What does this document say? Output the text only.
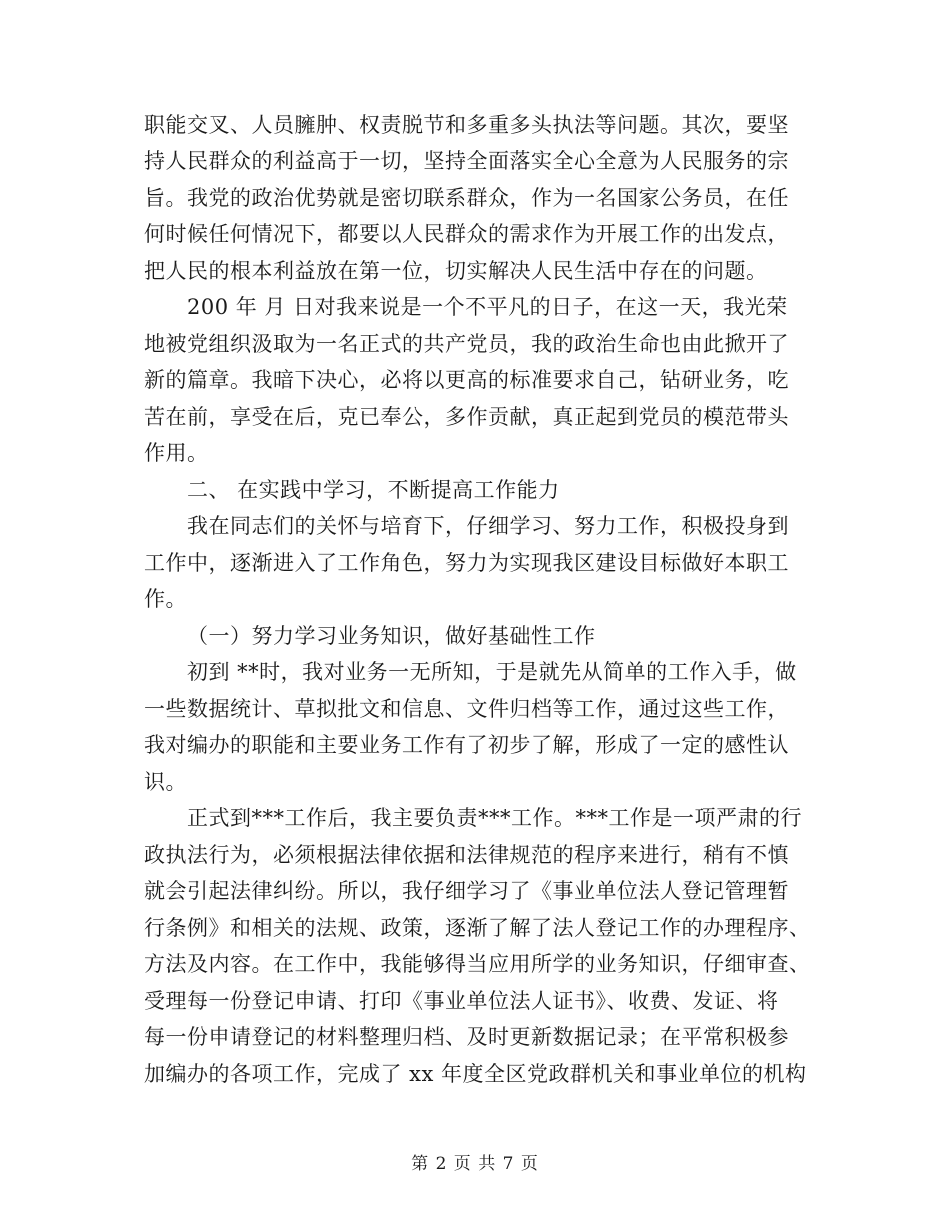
职能交叉、人员臃肿、权责脱节和多重多头执法等问题。其次，要坚
持人民群众的利益高于一切，坚持全面落实全心全意为人民服务的宗
旨。我党的政治优势就是密切联系群众，作为一名国家公务员，在任
何时候任何情况下，都要以人民群众的需求作为开展工作的出发点，
把人民的根本利益放在第一位，切实解决人民生活中存在的问题。
200 年 月 日对我来说是一个不平凡的日子，在这一天，我光荣
地被党组织汲取为一名正式的共产党员，我的政治生命也由此掀开了
新的篇章。我暗下决心，必将以更高的标准要求自己，钻研业务，吃
苦在前，享受在后，克已奉公，多作贡献，真正起到党员的模范带头
作用。
二、 在实践中学习，不断提高工作能力
我在同志们的关怀与培育下，仔细学习、努力工作，积极投身到
工作中，逐渐进入了工作角色，努力为实现我区建设目标做好本职工
作。
（一）努力学习业务知识，做好基础性工作
初到 **时，我对业务一无所知，于是就先从简单的工作入手，做
一些数据统计、草拟批文和信息、文件归档等工作，通过这些工作，
我对编办的职能和主要业务工作有了初步了解，形成了一定的感性认
识。
正式到***工作后，我主要负责***工作。***工作是一项严肃的行
政执法行为，必须根据法律依据和法律规范的程序来进行，稍有不慎
就会引起法律纠纷。所以，我仔细学习了《事业单位法人登记管理暂
行条例》和相关的法规、政策，逐渐了解了法人登记工作的办理程序、
方法及内容。在工作中，我能够得当应用所学的业务知识，仔细审查、
受理每一份登记申请、打印《事业单位法人证书》、收费、发证、将
每一份申请登记的材料整理归档、及时更新数据记录；在平常积极参
加编办的各项工作，完成了 xx 年度全区党政群机关和事业单位的机构
第 2 页 共 7 页
